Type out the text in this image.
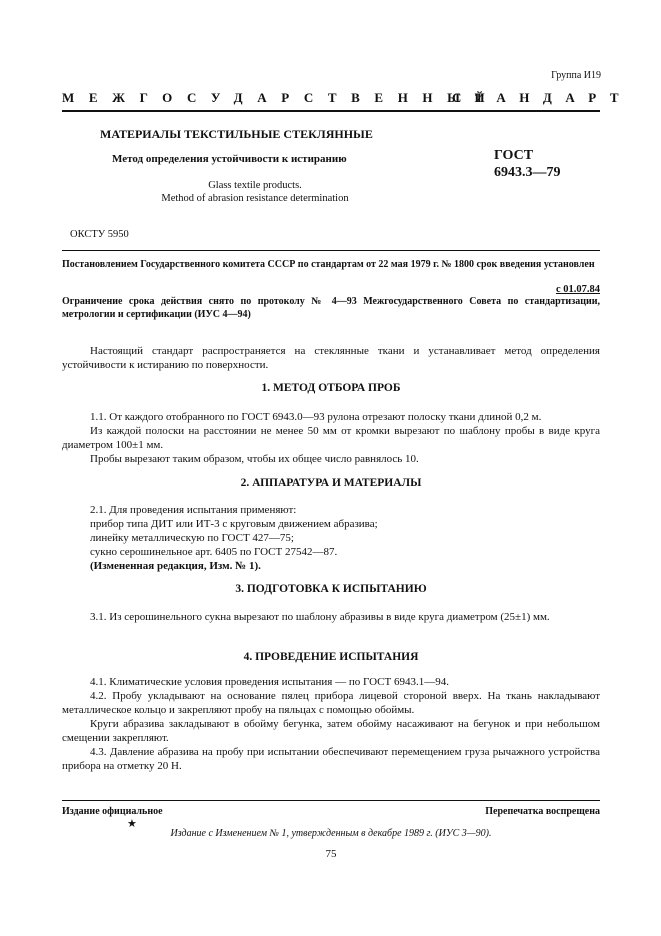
Группа И19
МЕЖГОСУДАРСТВЕННЫЙ
СТАНДАРТ
МАТЕРИАЛЫ ТЕКСТИЛЬНЫЕ СТЕКЛЯННЫЕ
Метод определения устойчивости к истиранию	ГОСТ
6943.3—79
Glass textile products.
Method of abrasion resistance determination
ОКСТУ 5950
Постановлением Государственного комитета СССР по стандартам от 22 мая 1979 г. № 1800 срок введения установлен
с 01.07.84
Ограничение срока действия снято по протоколу № 4—93 Межгосударственного Совета по стандартизации, метрологии и сертификации (ИУС 4—94)
Настоящий стандарт распространяется на стеклянные ткани и устанавливает метод определения устойчивости к истиранию по поверхности.
1. МЕТОД ОТБОРА ПРОБ
1.1. От каждого отобранного по ГОСТ 6943.0—93 рулона отрезают полоску ткани длиной 0,2 м.
Из каждой полоски на расстоянии не менее 50 мм от кромки вырезают по шаблону пробы в виде круга диаметром 100±1 мм.
Пробы вырезают таким образом, чтобы их общее число равнялось 10.
2. АППАРАТУРА И МАТЕРИАЛЫ
2.1. Для проведения испытания применяют:
прибор типа ДИТ или ИТ-3 с круговым движением абразива;
линейку металлическую по ГОСТ 427—75;
сукно серошинельное арт. 6405 по ГОСТ 27542—87.
(Измененная редакция, Изм. № 1).
3. ПОДГОТОВКА К ИСПЫТАНИЮ
3.1. Из серошинельного сукна вырезают по шаблону абразивы в виде круга диаметром (25±1) мм.
4. ПРОВЕДЕНИЕ ИСПЫТАНИЯ
4.1. Климатические условия проведения испытания — по ГОСТ 6943.1—94.
4.2. Пробу укладывают на основание пялец прибора лицевой стороной вверх. На ткань накладывают металлическое кольцо и закрепляют пробу на пяльцах с помощью обоймы.
Круги абразива закладывают в обойму бегунка, затем обойму насаживают на бегунок и при небольшом смещении закрепляют.
4.3. Давление абразива на пробу при испытании обеспечивают перемещением груза рычажного устройства прибора на отметку 20 Н.
Издание официальное	Перепечатка воспрещена
★
Издание с Изменением № 1, утвержденным в декабре 1989 г. (ИУС 3—90).
75
